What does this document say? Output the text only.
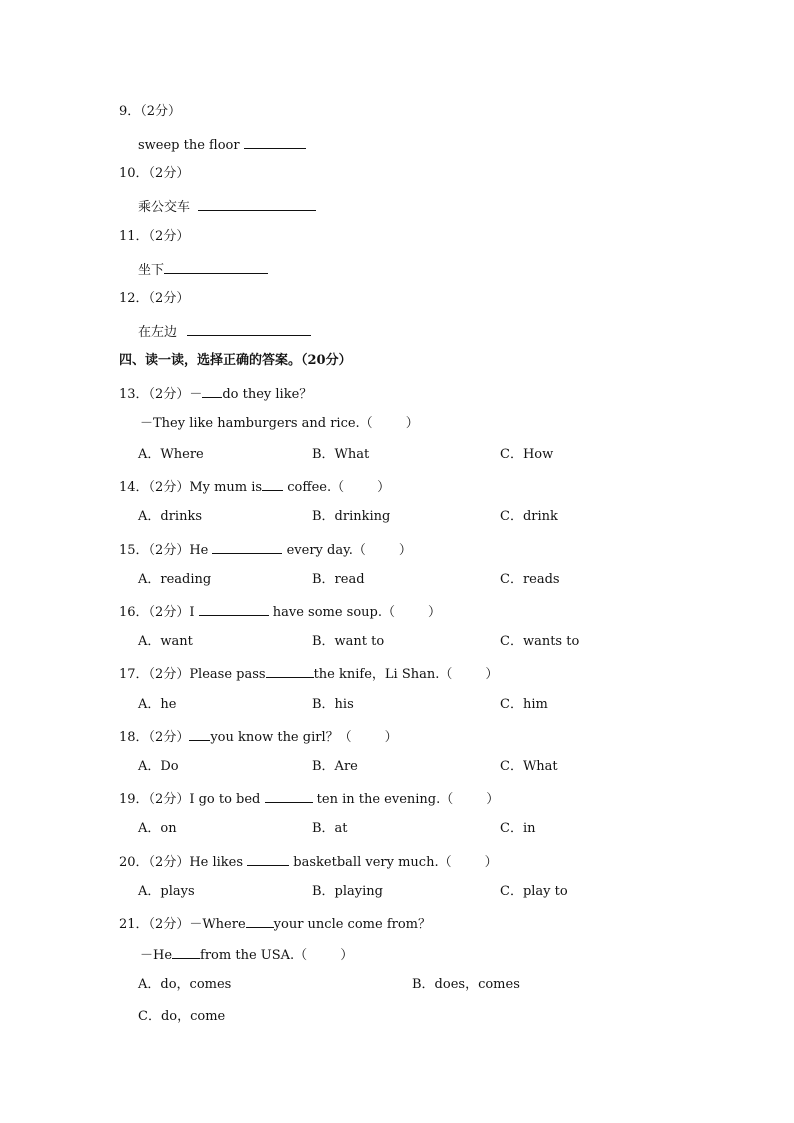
9．（2分）
sweep the floor
10．（2分）
乘公交车
11．（2分）
坐下
12．（2分）
在左边
四、读一读，选择正确的答案。（20分）
13．（2分）－ do they like？
－They like hamburgers and rice.（        ）
A．Where	B．What	C．How
14．（2分）My mum is coffee.（        ）
A．drinks	B．drinking	C．drink
15．（2分）He	every day.（        ）
A．reading	B．read	C．reads
16．（2分）I	have some soup.（        ）
A．want	B．want to	C．wants to
17．（2分）Please pass	the knife，Li Shan.（        ）
A．he	B．his	C．him
18．（2分） you know the girl？（        ）
A．Do	B．Are	C．What
19．（2分）I go to bed	ten in the evening.（        ）
A．on	B．at	C．in
20．（2分）He likes	basketball very much.（        ）
A．plays	B．playing	C．play to
21．（2分）－Where your uncle come from？
－He from the USA.（        ）
A．do，comes	B．does，comes
C．do，come
